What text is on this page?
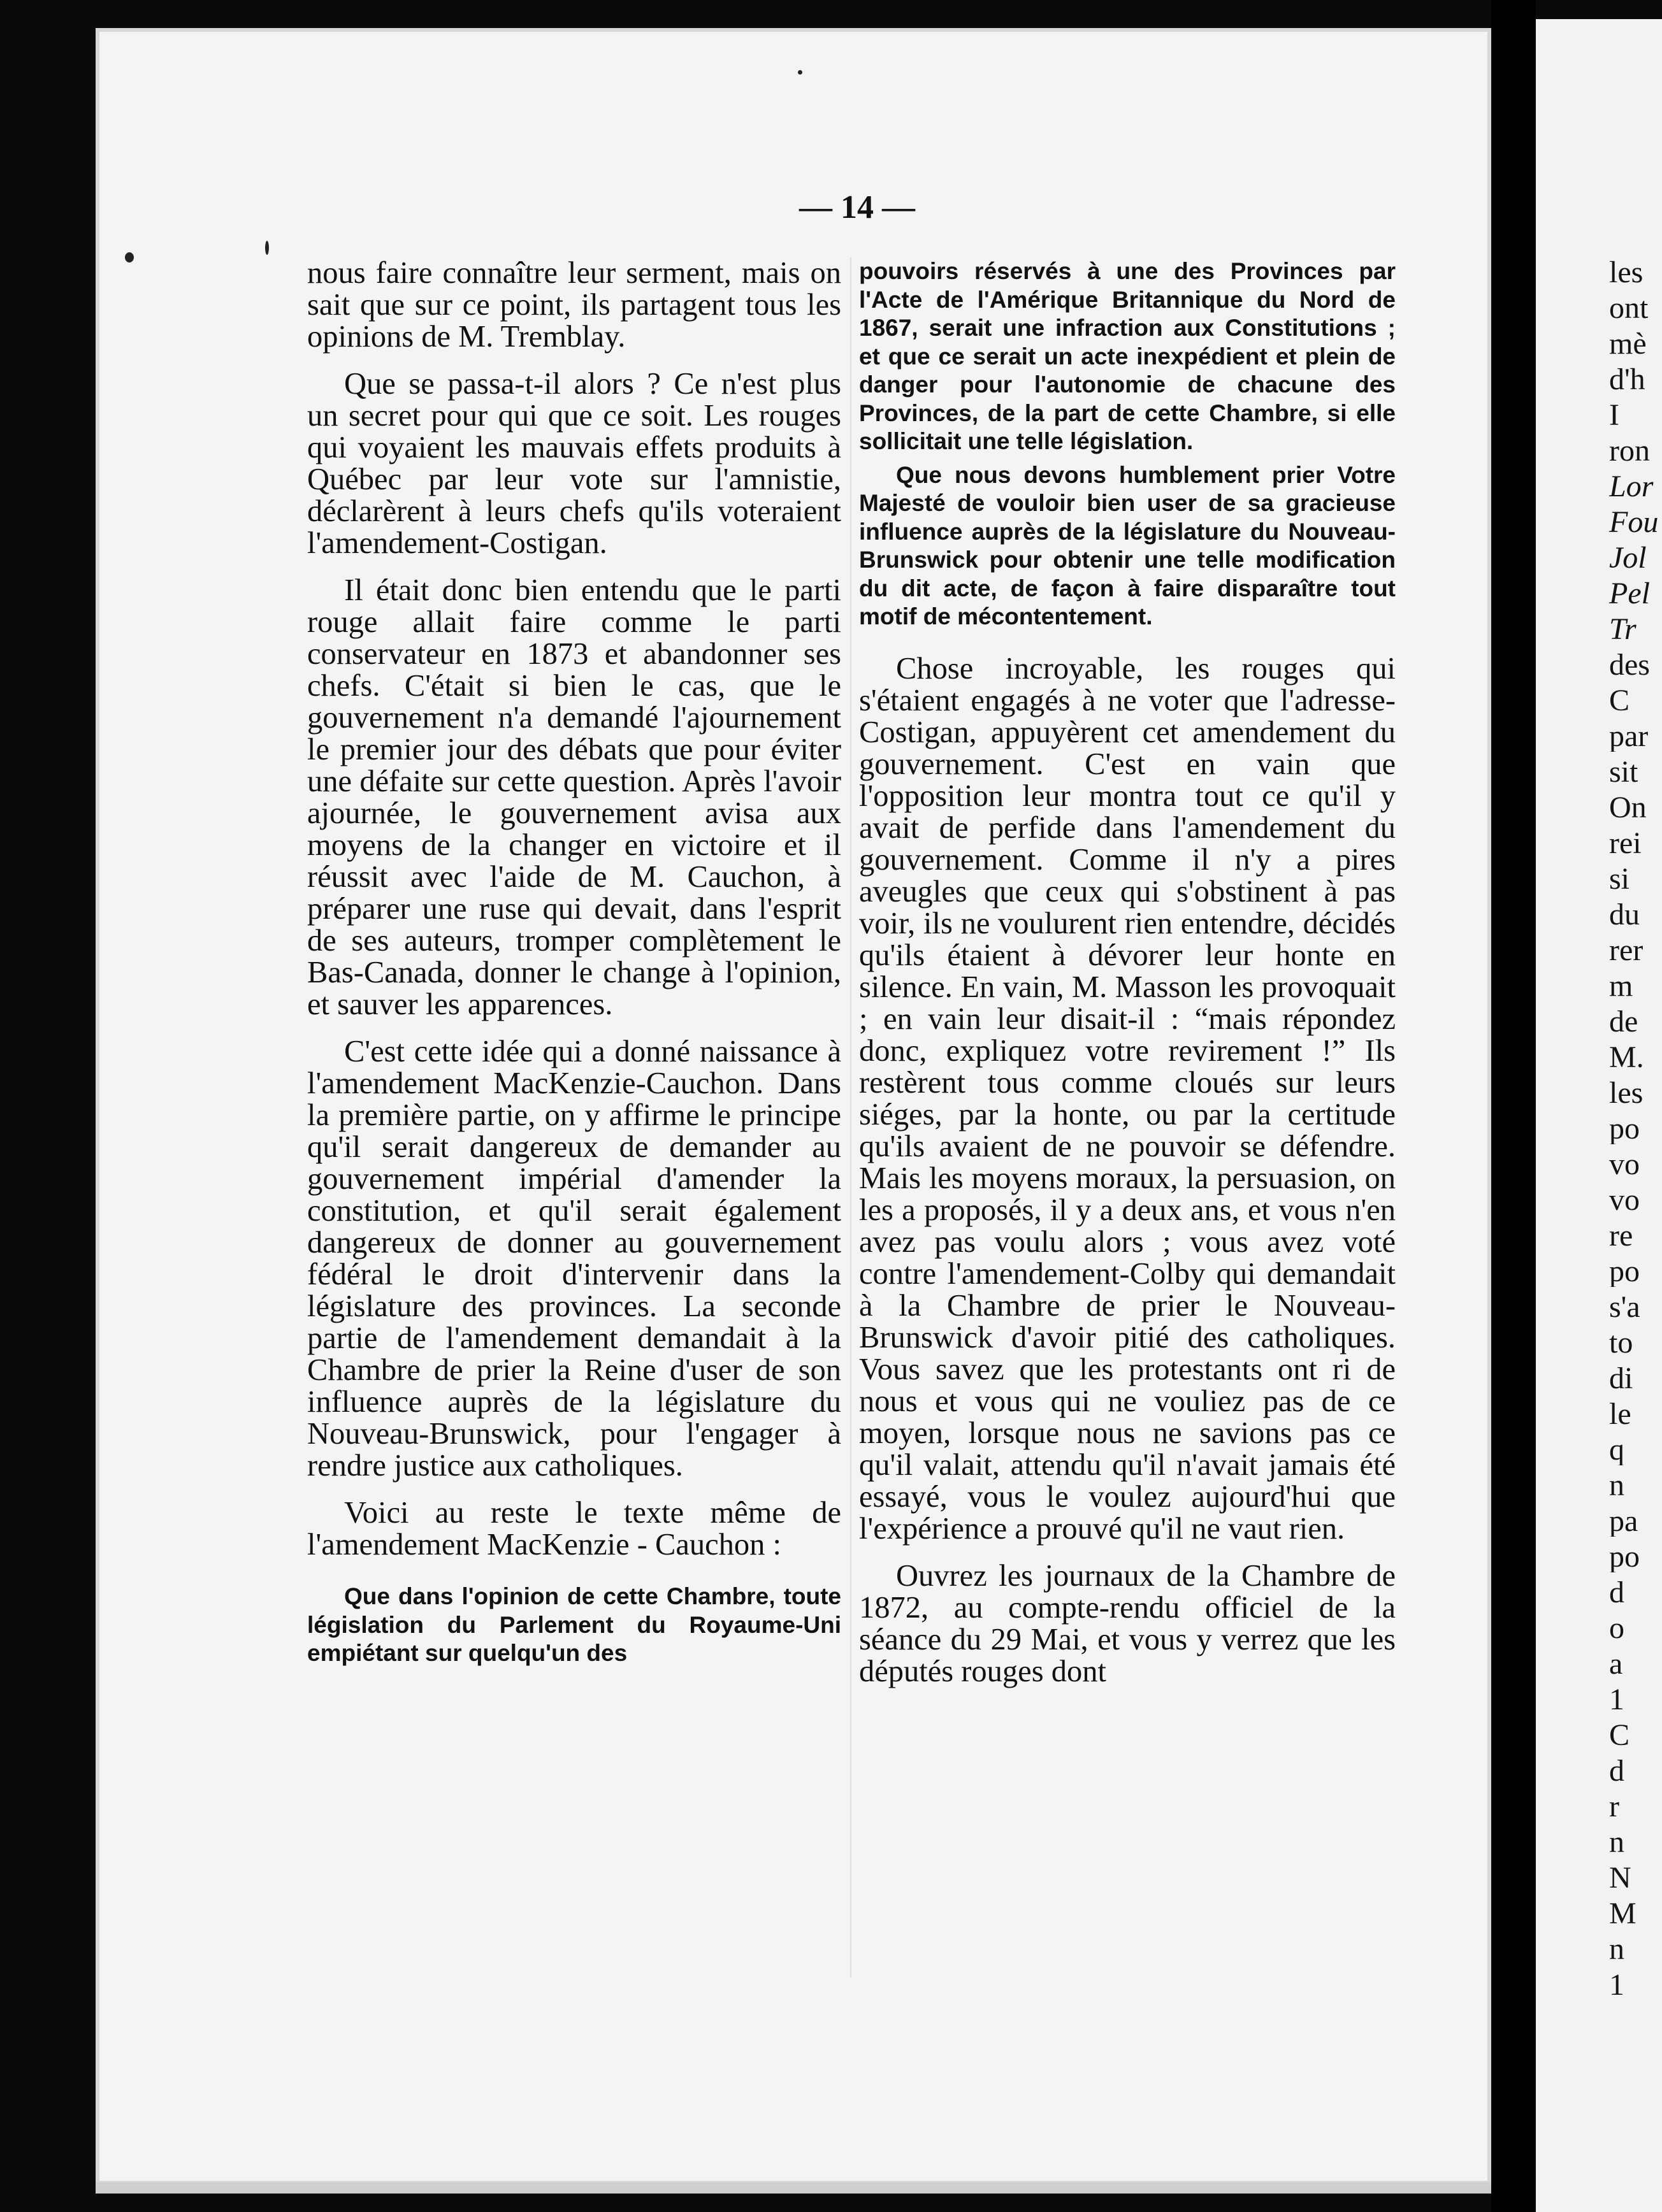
— 14 —

nous faire connaître leur serment, mais on sait que sur ce point, ils partagent tous les opinions de M. Tremblay.

Que se passa-t-il alors ? Ce n'est plus un secret pour qui que ce soit. Les rouges qui voyaient les mauvais effets produits à Québec par leur vote sur l'amnistie, déclarèrent à leurs chefs qu'ils voteraient l'amendement-Costigan.

Il était donc bien entendu que le parti rouge allait faire comme le parti conservateur en 1873 et abandonner ses chefs. C'était si bien le cas, que le gouvernement n'a demandé l'ajournement le premier jour des débats que pour éviter une défaite sur cette question. Après l'avoir ajournée, le gouvernement avisa aux moyens de la changer en victoire et il réussit avec l'aide de M. Cauchon, à préparer une ruse qui devait, dans l'esprit de ses auteurs, tromper complètement le Bas-Canada, donner le change à l'opinion, et sauver les apparences.

C'est cette idée qui a donné naissance à l'amendement MacKenzie-Cauchon. Dans la première partie, on y affirme le principe qu'il serait dangereux de demander au gouvernement impérial d'amender la constitution, et qu'il serait également dangereux de donner au gouvernement fédéral le droit d'intervenir dans la législature des provinces. La seconde partie de l'amendement demandait à la Chambre de prier la Reine d'user de son influence auprès de la législature du Nouveau-Brunswick, pour l'engager à rendre justice aux catholiques.

Voici au reste le texte même de l'amendement MacKenzie - Cauchon :

Que dans l'opinion de cette Chambre, toute législation du Parlement du Royaume-Uni empiétant sur quelqu'un des

pouvoirs réservés à une des Provinces par l'Acte de l'Amérique Britannique du Nord de 1867, serait une infraction aux Constitutions ; et que ce serait un acte inexpédient et plein de danger pour l'autonomie de chacune des Provinces, de la part de cette Chambre, si elle sollicitait une telle législation.

Que nous devons humblement prier Votre Majesté de vouloir bien user de sa gracieuse influence auprès de la législature du Nouveau-Brunswick pour obtenir une telle modification du dit acte, de façon à faire disparaître tout motif de mécontentement.

Chose incroyable, les rouges qui s'étaient engagés à ne voter que l'adresse-Costigan, appuyèrent cet amendement du gouvernement. C'est en vain que l'opposition leur montra tout ce qu'il y avait de perfide dans l'amendement du gouvernement. Comme il n'y a pires aveugles que ceux qui s'obstinent à pas voir, ils ne voulurent rien entendre, décidés qu'ils étaient à dévorer leur honte en silence. En vain, M. Masson les provoquait ; en vain leur disait-il : “mais répondez donc, expliquez votre revirement !” Ils restèrent tous comme cloués sur leurs siéges, par la honte, ou par la certitude qu'ils avaient de ne pouvoir se défendre. Mais les moyens moraux, la persuasion, on les a proposés, il y a deux ans, et vous n'en avez pas voulu alors ; vous avez voté contre l'amendement-Colby qui demandait à la Chambre de prier le Nouveau-Brunswick d'avoir pitié des catholiques. Vous savez que les protestants ont ri de nous et vous qui ne vouliez pas de ce moyen, lorsque nous ne savions pas ce qu'il valait, attendu qu'il n'avait jamais été essayé, vous le voulez aujourd'hui que l'expérience a prouvé qu'il ne vaut rien.

Ouvrez les journaux de la Chambre de 1872, au compte-rendu officiel de la séance du 29 Mai, et vous y verrez que les députés rouges dont

les
ont
mè
d'h
I
ron
Lor
Fou
Jol
Pel
Tr
des
C
par
sit
On
rei
si
du
rer
m
de
M.
les
po
vo
vo
re
po
s'a
to
di
le
q
n
pa
po
d
o
a
1
C
d
r
n
N
M
n
1
